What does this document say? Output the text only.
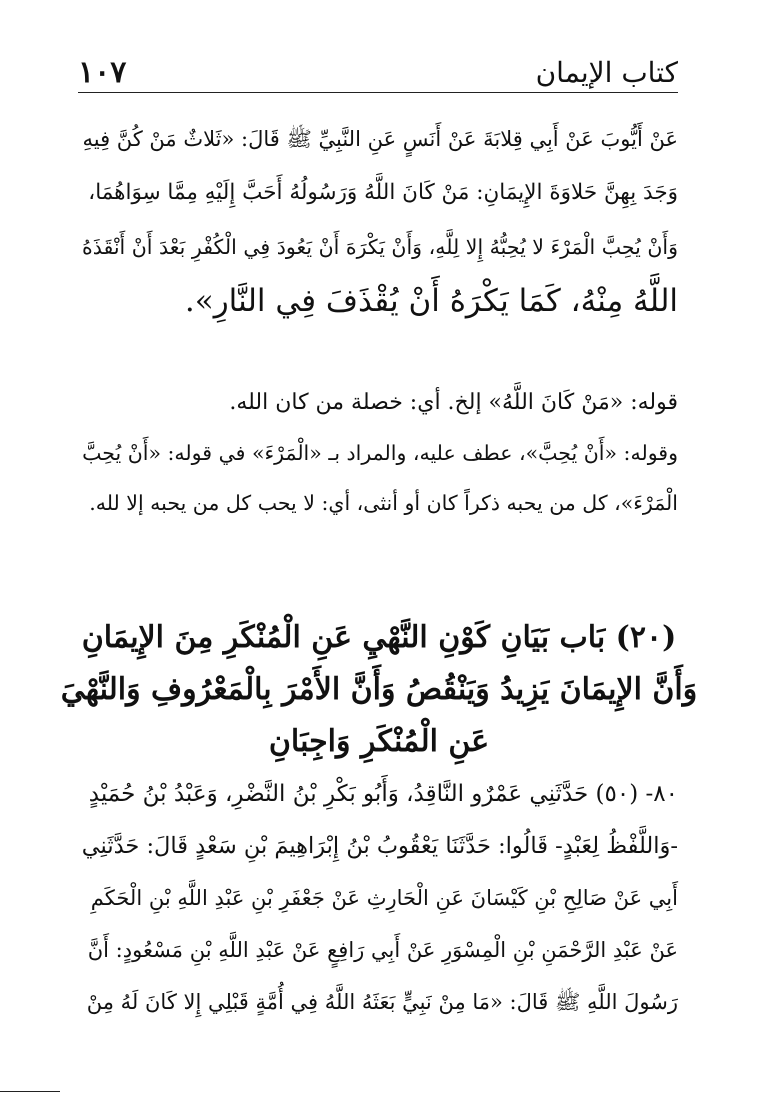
١٠٧	كتاب الإيمان
عَنْ أَيُّوبَ عَنْ أَبِي قِلابَةَ عَنْ أَنَسٍ عَنِ النَّبِيِّ ﷺ قَالَ: «ثَلاثٌ مَنْ كُنَّ فِيهِ
وَجَدَ بِهِنَّ حَلاوَةَ الإِيمَانِ: مَنْ كَانَ اللَّهُ وَرَسُولُهُ أَحَبَّ إِلَيْهِ مِمَّا سِوَاهُمَا،
وَأَنْ يُحِبَّ الْمَرْءَ لا يُحِبُّهُ إِلا لِلَّهِ، وَأَنْ يَكْرَهَ أَنْ يَعُودَ فِي الْكُفْرِ بَعْدَ أَنْ أَنْقَذَهُ
اللَّهُ مِنْهُ، كَمَا يَكْرَهُ أَنْ يُقْذَفَ فِي النَّارِ».
قوله: «مَنْ كَانَ اللَّهُ» إلخ. أي: خصلة من كان الله.
وقوله: «أَنْ يُحِبَّ»، عطف عليه، والمراد بـ «الْمَرْءَ» في قوله: «أَنْ يُحِبَّ
الْمَرْءَ»، كل من يحبه ذكراً كان أو أنثى، أي: لا يحب كل من يحبه إلا لله.
(٢٠) بَاب بَيَانِ كَوْنِ النَّهْيِ عَنِ الْمُنْكَرِ مِنَ الإِيمَانِ
وَأَنَّ الإِيمَانَ يَزِيدُ وَيَنْقُصُ وَأَنَّ الأَمْرَ بِالْمَعْرُوفِ وَالنَّهْيَ
عَنِ الْمُنْكَرِ وَاجِبَانِ
٨٠- (٥٠) حَدَّثَنِي عَمْرٌو النَّاقِدُ، وَأَبُو بَكْرِ بْنُ النَّضْرِ، وَعَبْدُ بْنُ حُمَيْدٍ
-وَاللَّفْظُ لِعَبْدٍ- قَالُوا: حَدَّثَنَا يَعْقُوبُ بْنُ إِبْرَاهِيمَ بْنِ سَعْدٍ قَالَ: حَدَّثَنِي
أَبِي عَنْ صَالِحِ بْنِ كَيْسَانَ عَنِ الْحَارِثِ عَنْ جَعْفَرِ بْنِ عَبْدِ اللَّهِ بْنِ الْحَكَمِ
عَنْ عَبْدِ الرَّحْمَنِ بْنِ الْمِسْوَرِ عَنْ أَبِي رَافِعٍ عَنْ عَبْدِ اللَّهِ بْنِ مَسْعُودٍ: أَنَّ
رَسُولَ اللَّهِ ﷺ قَالَ: «مَا مِنْ نَبِيٍّ بَعَثَهُ اللَّهُ فِي أُمَّةٍ قَبْلِي إِلا كَانَ لَهُ مِنْ
